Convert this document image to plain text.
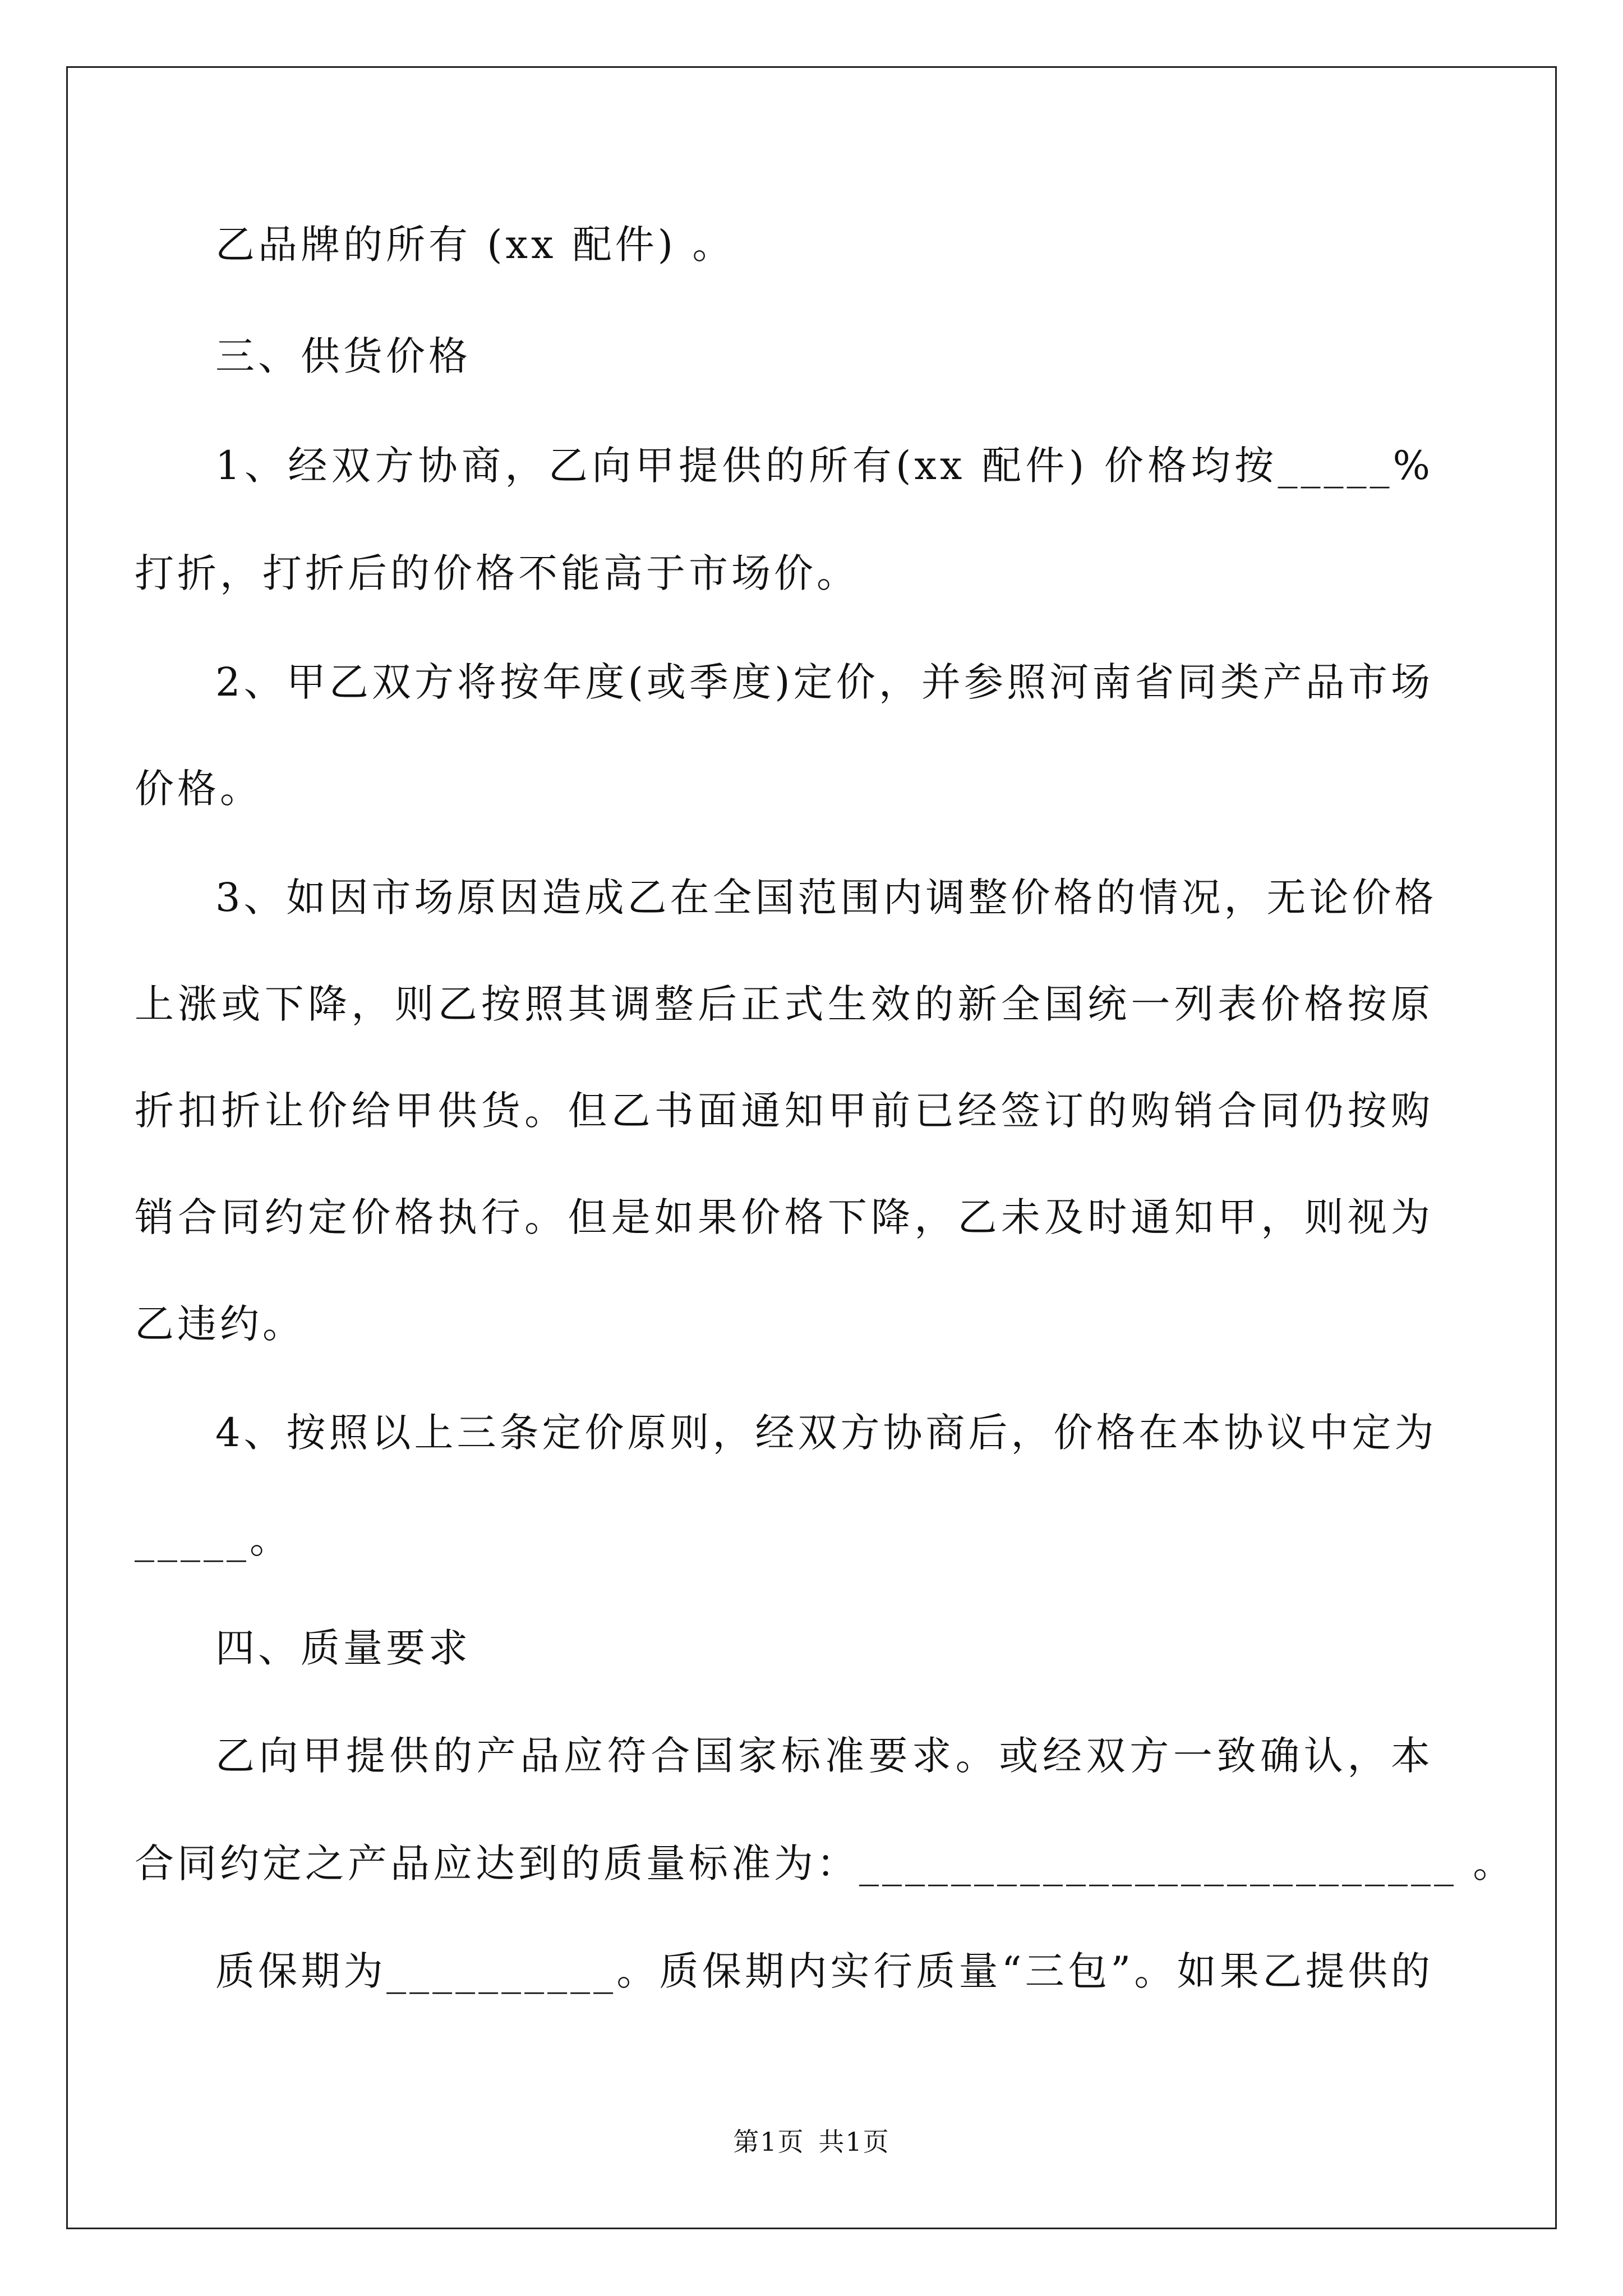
乙品牌的所有 (xx 配件) 。
三、供货价格
1、经双方协商，乙向甲提供的所有(xx 配件) 价格均按_____%
打折，打折后的价格不能高于市场价。
2、甲乙双方将按年度(或季度)定价，并参照河南省同类产品市场
价格。
3、如因市场原因造成乙在全国范围内调整价格的情况，无论价格
上涨或下降，则乙按照其调整后正式生效的新全国统一列表价格按原
折扣折让价给甲供货。但乙书面通知甲前已经签订的购销合同仍按购
销合同约定价格执行。但是如果价格下降，乙未及时通知甲，则视为
乙违约。
4、按照以上三条定价原则，经双方协商后，价格在本协议中定为
_____。
四、质量要求
乙向甲提供的产品应符合国家标准要求。或经双方一致确认，本
合同约定之产品应达到的质量标准为：__________________________ 。
质保期为__________。质保期内实行质量“三包”。如果乙提供的
第1页 共1页
